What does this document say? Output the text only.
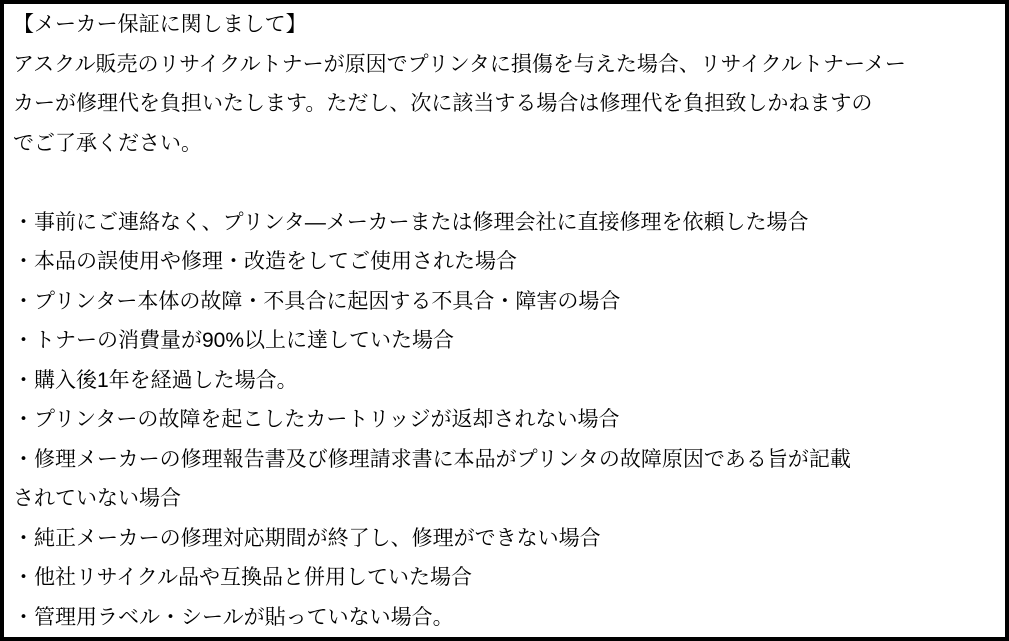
【メーカー保証に関しまして】
アスクル販売のリサイクルトナーが原因でプリンタに損傷を与えた場合、リサイクルトナーメー
カーが修理代を負担いたします。ただし、次に該当する場合は修理代を負担致しかねますの
でご了承ください。
・事前にご連絡なく、プリンタ―メーカーまたは修理会社に直接修理を依頼した場合
・本品の誤使用や修理・改造をしてご使用された場合
・プリンター本体の故障・不具合に起因する不具合・障害の場合
・トナーの消費量が90%以上に達していた場合
・購入後1年を経過した場合。
・プリンターの故障を起こしたカートリッジが返却されない場合
・修理メーカーの修理報告書及び修理請求書に本品がプリンタの故障原因である旨が記載
されていない場合
・純正メーカーの修理対応期間が終了し、修理ができない場合
・他社リサイクル品や互換品と併用していた場合
・管理用ラベル・シールが貼っていない場合。
